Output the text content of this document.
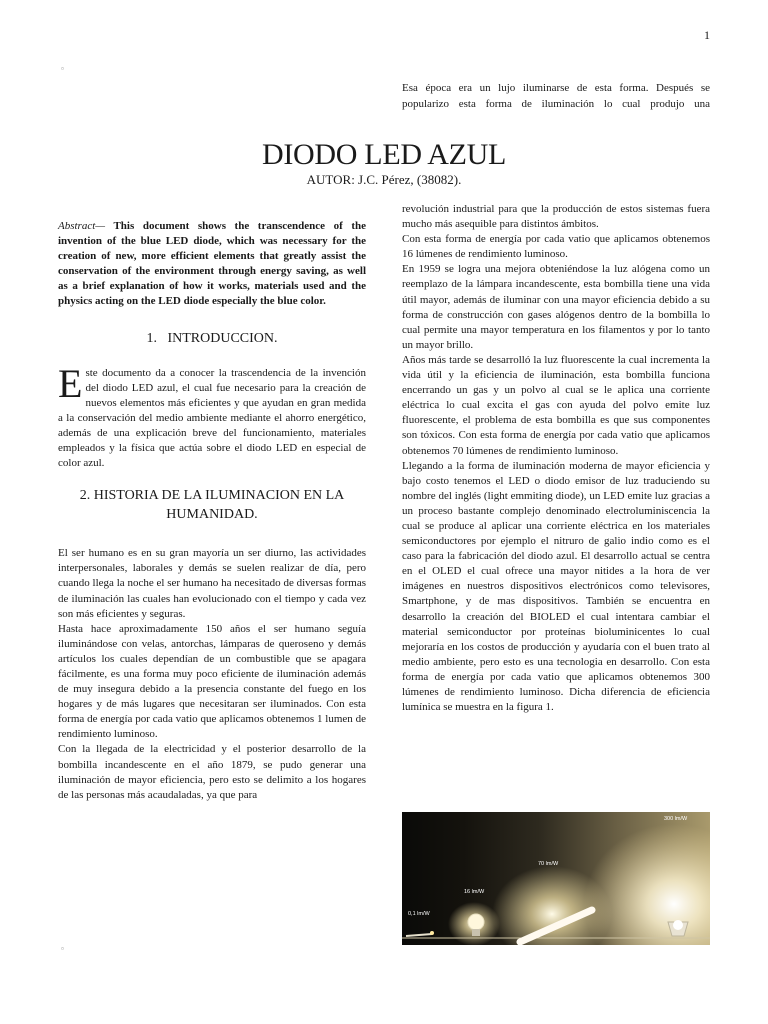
1
▫
▫
Esa época era un lujo iluminarse de esta forma. Después se popularizo esta forma de iluminación lo cual produjo una
DIODO LED AZUL
AUTOR: J.C. Pérez, (38082).

Abstract— This document shows the transcendence of the invention of the blue LED diode, which was necessary for the creation of new, more efficient elements that greatly assist the conservation of the environment through energy saving, as well as a brief explanation of how it works, materials used and the physics acting on the LED diode especially the blue color.

1.   INTRODUCCION.

Este documento da a conocer la trascendencia de la invención del diodo LED azul, el cual fue necesario para la creación de nuevos elementos más eficientes y que ayudan en gran medida a la conservación del medio ambiente mediante el ahorro energético, además de una explicación breve del funcionamiento, materiales empleados y la física que actúa sobre el diodo LED en especial de color azul.

2. HISTORIA DE LA ILUMINACION EN LA HUMANIDAD.

El ser humano es en su gran mayoría un ser diurno, las actividades interpersonales, laborales y demás se suelen realizar de día, pero cuando llega la noche el ser humano ha necesitado de diversas formas de iluminación las cuales han evolucionado con el tiempo y cada vez son más eficientes y seguras.

Hasta hace aproximadamente 150 años el ser humano seguía iluminándose con velas, antorchas, lámparas de queroseno y demás artículos los cuales dependían de un combustible que se apagara fácilmente, es una forma muy poco eficiente de iluminación además de muy insegura debido a la presencia constante del fuego en los hogares y de más lugares que necesitaran ser iluminados. Con esta forma de energía por cada vatio que aplicamos obtenemos 1 lumen de rendimiento luminoso.

Con la llegada de la electricidad y el posterior desarrollo de la bombilla incandescente en el año 1879, se pudo generar una iluminación de mayor eficiencia, pero esto se delimito a los hogares de las personas más acaudaladas, ya que para

revolución industrial para que la producción de estos sistemas fuera mucho más asequible para distintos ámbitos.

Con esta forma de energía por cada vatio que aplicamos obtenemos 16 lúmenes de rendimiento luminoso.

En 1959 se logra una mejora obteniéndose la luz alógena como un reemplazo de la lámpara incandescente, esta bombilla tiene una vida útil mayor, además de iluminar con una mayor eficiencia debido a su forma de construcción con gases alógenos dentro de la bombilla lo cual permite una mayor temperatura en los filamentos y por lo tanto un mayor brillo.

Años más tarde se desarrolló la luz fluorescente la cual incrementa la vida útil y la eficiencia de iluminación, esta bombilla funciona encerrando un gas y un polvo al cual se le aplica una corriente eléctrica lo cual excita el gas con ayuda del polvo emite luz fluorescente, el problema de esta bombilla es que sus componentes son tóxicos. Con esta forma de energía por cada vatio que aplicamos obtenemos 70 lúmenes de rendimiento luminoso.

Llegando a la forma de iluminación moderna de mayor eficiencia y bajo costo tenemos el LED o diodo emisor de luz traduciendo su nombre del inglés (light emmiting diode), un LED emite luz gracias a un proceso bastante complejo denominado electroluminiscencia la cual se produce al aplicar una corriente eléctrica en los materiales semiconductores por ejemplo el nitruro de galio indio como es el caso para la fabricación del diodo azul. El desarrollo actual se centra en el OLED el cual ofrece una mayor nitides a la hora de ver imágenes en nuestros dispositivos electrónicos como televisores, Smartphone, y de mas dispositivos. También se encuentra en desarrollo la creación del BIOLED el cual intentara cambiar el material semiconductor por proteínas bioluminicentes lo cual mejoraría en los costos de producción y ayudaría con el buen trato al medio ambiente, pero esto es una tecnologia en desarrollo. Con esta forma de energía por cada vatio que aplicamos obtenemos 300 lúmenes de rendimiento luminoso. Dicha diferencia de eficiencia lumínica se muestra en la figura 1.

0,1 lm/W
16 lm/W
70 lm/W
300 lm/W
